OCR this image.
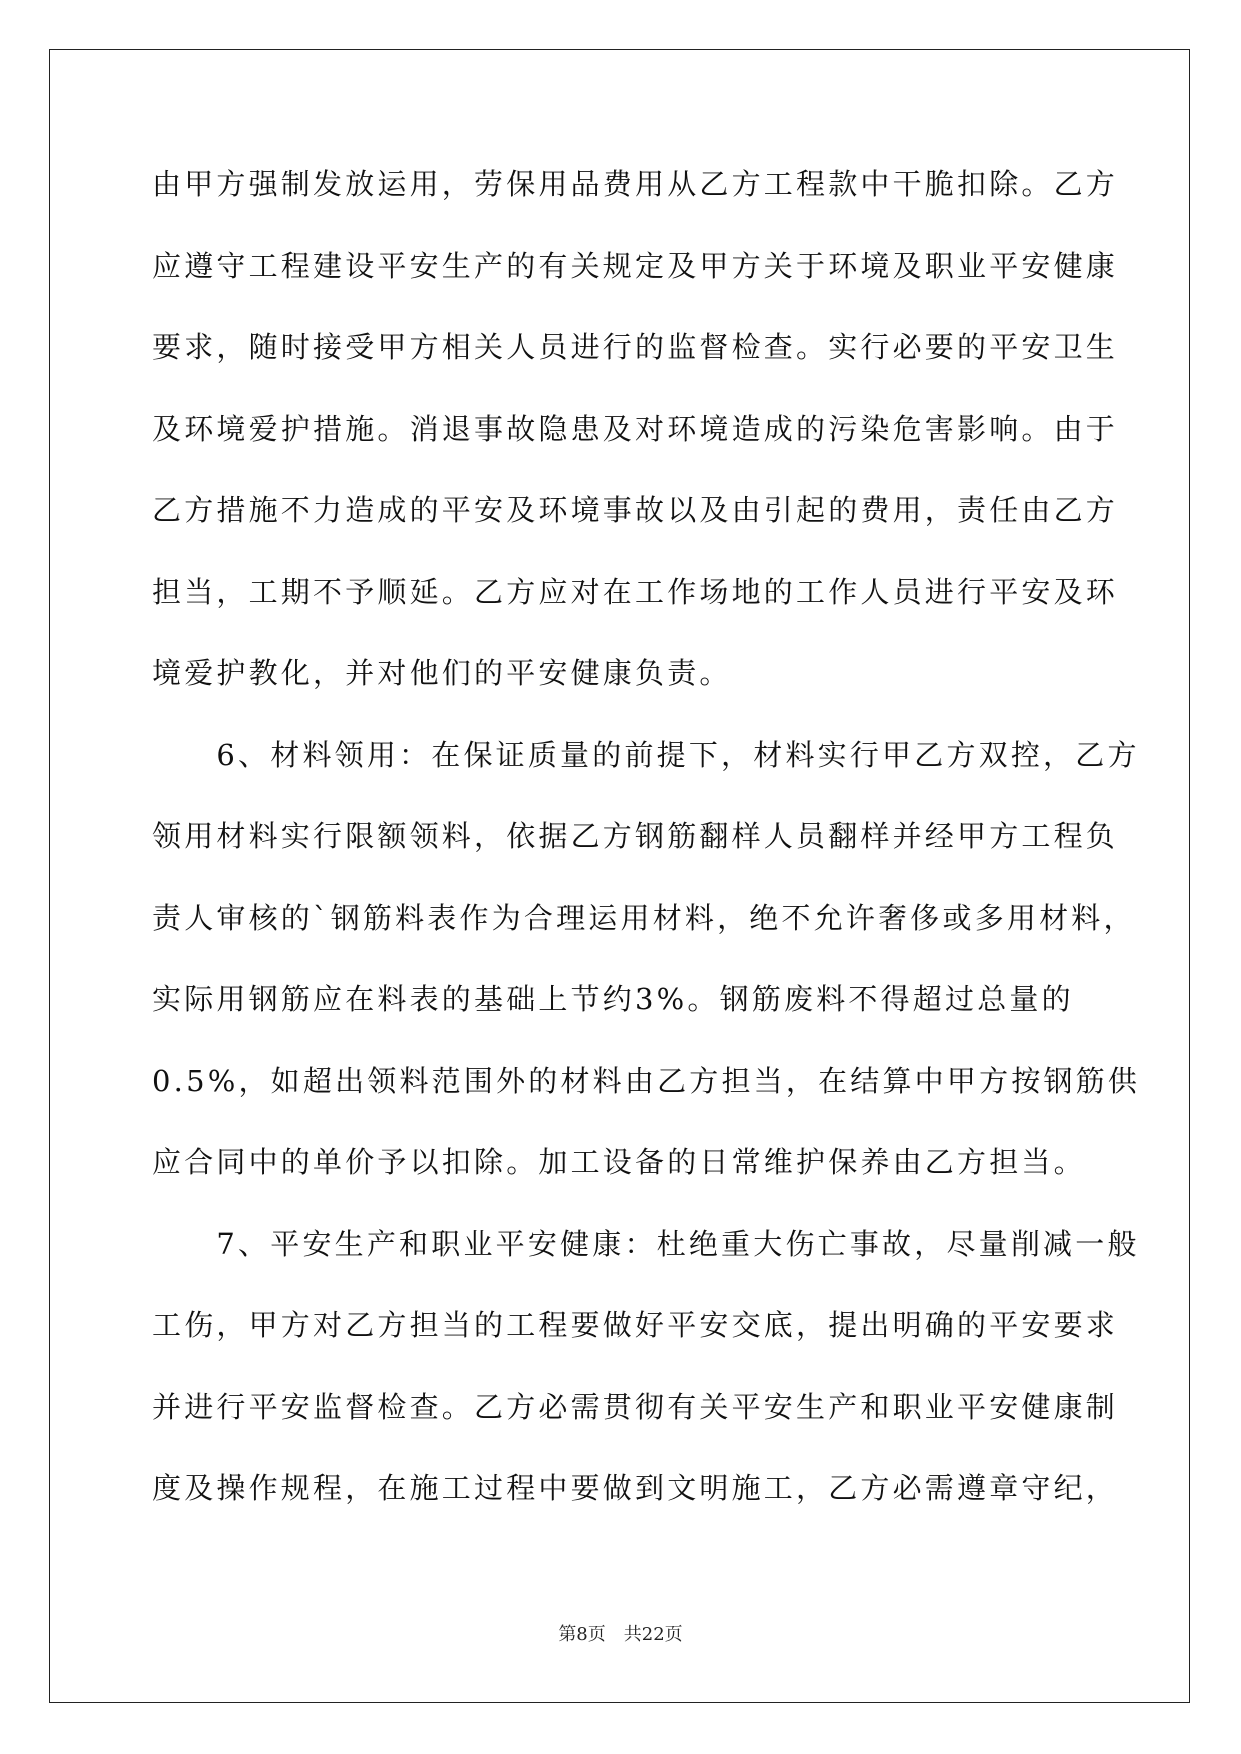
由甲方强制发放运用，劳保用品费用从乙方工程款中干脆扣除。乙方
应遵守工程建设平安生产的有关规定及甲方关于环境及职业平安健康
要求，随时接受甲方相关人员进行的监督检查。实行必要的平安卫生
及环境爱护措施。消退事故隐患及对环境造成的污染危害影响。由于
乙方措施不力造成的平安及环境事故以及由引起的费用，责任由乙方
担当，工期不予顺延。乙方应对在工作场地的工作人员进行平安及环
境爱护教化，并对他们的平安健康负责。
　　6、材料领用：在保证质量的前提下，材料实行甲乙方双控，乙方
领用材料实行限额领料，依据乙方钢筋翻样人员翻样并经甲方工程负
责人审核的`钢筋料表作为合理运用材料，绝不允许奢侈或多用材料，
实际用钢筋应在料表的基础上节约3%。钢筋废料不得超过总量的
0.5%，如超出领料范围外的材料由乙方担当，在结算中甲方按钢筋供
应合同中的单价予以扣除。加工设备的日常维护保养由乙方担当。
　　7、平安生产和职业平安健康：杜绝重大伤亡事故，尽量削减一般
工伤，甲方对乙方担当的工程要做好平安交底，提出明确的平安要求
并进行平安监督检查。乙方必需贯彻有关平安生产和职业平安健康制
度及操作规程，在施工过程中要做到文明施工，乙方必需遵章守纪，
第8页　共22页
